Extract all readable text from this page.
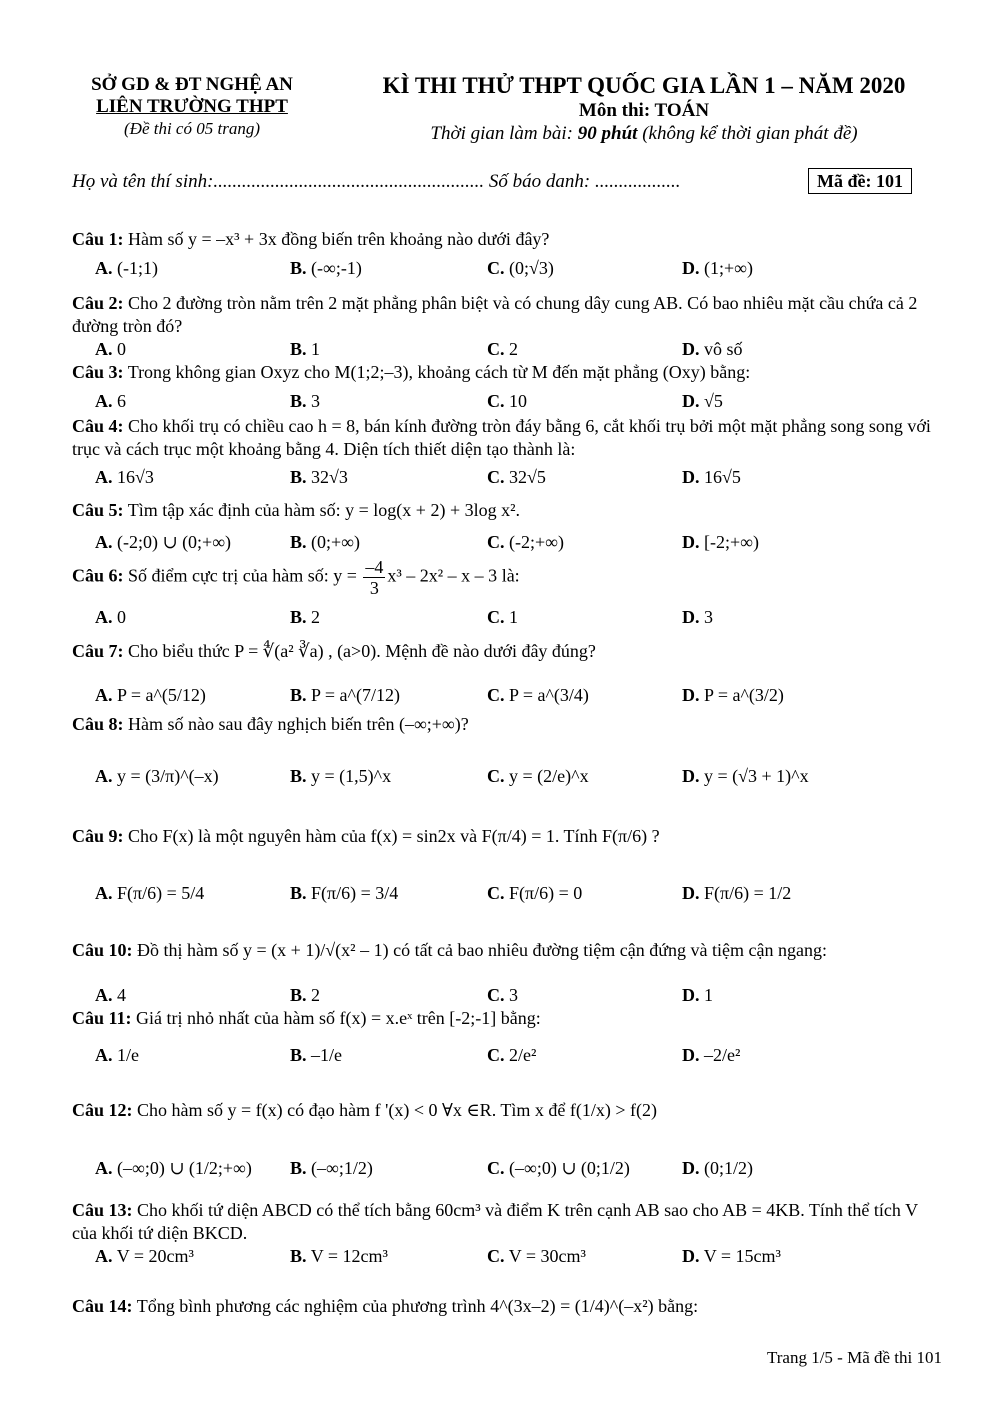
SỞ GD & ĐT NGHỆ AN
LIÊN TRƯỜNG THPT
(Đề thi có 05 trang)
KÌ THI THỬ THPT QUỐC GIA LẦN 1 – NĂM 2020
Môn thi: TOÁN
Thời gian làm bài: 90 phút (không kể thời gian phát đề)
Họ và tên thí sinh:......................................................... Số báo danh: ..................	Mã đề: 101
Câu 1: Hàm số y = –x³ + 3x đồng biến trên khoảng nào dưới đây?
A. (-1;1)	B. (-∞;-1)	C. (0;√3)	D. (1;+∞)
Câu 2: Cho 2 đường tròn nằm trên 2 mặt phẳng phân biệt và có chung dây cung AB. Có bao nhiêu mặt cầu chứa cả 2 đường tròn đó?
A. 0	B. 1	C. 2	D. vô số
Câu 3: Trong không gian Oxyz cho M(1;2;–3), khoảng cách từ M đến mặt phẳng (Oxy) bằng:
A. 6	B. 3	C. 10	D. √5
Câu 4: Cho khối trụ có chiều cao h = 8, bán kính đường tròn đáy bằng 6, cắt khối trụ bởi một mặt phẳng song song với trục và cách trục một khoảng bằng 4. Diện tích thiết diện tạo thành là:
A. 16√3	B. 32√3	C. 32√5	D. 16√5
Câu 5: Tìm tập xác định của hàm số: y = log(x + 2) + 3log x².
A. (-2;0) ∪ (0;+∞)	B. (0;+∞)	C. (-2;+∞)	D. [-2;+∞)
Câu 6: Số điểm cực trị của hàm số: $y = \frac{-4}{3} x^3 - 2x^2 - x - 3$ là:
A. 0	B. 2	C. 1	D. 3
Câu 7: Cho biểu thức P = ∜(a² ∛a) , (a>0). Mệnh đề nào dưới đây đúng?
A. P = a^(5/12)	B. P = a^(7/12)	C. P = a^(3/4)	D. P = a^(3/2)
Câu 8: Hàm số nào sau đây nghịch biến trên (–∞;+∞)?
A. y = (3/π)^(–x)	B. y = (1,5)^x	C. y = (2/e)^x	D. y = (√3 + 1)^x
Câu 9: Cho F(x) là một nguyên hàm của f(x) = sin2x và F(π/4) = 1. Tính F(π/6) ?
A. F(π/6) = 5/4	B. F(π/6) = 3/4	C. F(π/6) = 0	D. F(π/6) = 1/2
Câu 10: Đồ thị hàm số y = (x + 1)/√(x² – 1) có tất cả bao nhiêu đường tiệm cận đứng và tiệm cận ngang:
A. 4	B. 2	C. 3	D. 1
Câu 11: Giá trị nhỏ nhất của hàm số f(x) = x.eˣ trên [-2;-1] bằng:
A. 1/e	B. –1/e	C. 2/e²	D. –2/e²
Câu 12: Cho hàm số y = f(x) có đạo hàm f '(x) < 0 ∀x ∈R. Tìm x để f(1/x) > f(2)
A. (–∞;0) ∪ (1/2;+∞) B. (–∞;1/2)	C. (–∞;0) ∪ (0;1/2)	D. (0;1/2)
Câu 13: Cho khối tứ diện ABCD có thể tích bằng 60cm³ và điểm K trên cạnh AB sao cho AB = 4KB. Tính thể tích V của khối tứ diện BKCD.
A. V = 20cm³	B. V = 12cm³	C. V = 30cm³	D. V = 15cm³
Câu 14: Tổng bình phương các nghiệm của phương trình 4^(3x–2) = (1/4)^(–x²) bằng:
Trang 1/5 - Mã đề thi 101
